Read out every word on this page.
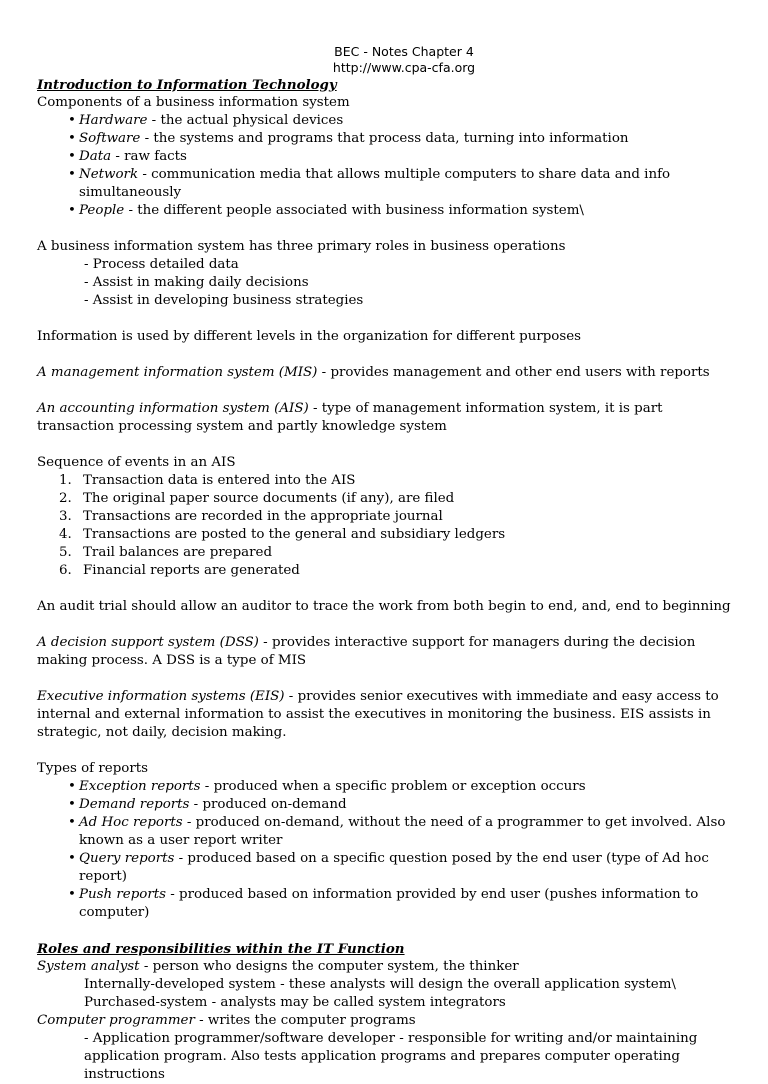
BEC - Notes Chapter 4
http://www.cpa-cfa.org

Introduction to Information Technology

Components of a business information system

• Hardware - the actual physical devices
• Software - the systems and programs that process data, turning into information
• Data - raw facts
• Network - communication media that allows multiple computers to share data and info simultaneously
• People - the different people associated with business information system\

A business information system has three primary roles in business operations

- Process detailed data

- Assist in making daily decisions

- Assist in developing business strategies

Information is used by different levels in the organization for different purposes

A management information system (MIS) - provides management and other end users with reports

An accounting information system (AIS) - type of management information system, it is part transaction processing system and partly knowledge system

Sequence of events in an AIS

1. Transaction data is entered into the AIS
2. The original paper source documents (if any), are filed
3. Transactions are recorded in the appropriate journal
4. Transactions are posted to the general and subsidiary ledgers
5. Trail balances are prepared
6. Financial reports are generated

An audit trial should allow an auditor to trace the work from both begin to end, and, end to beginning

A decision support system (DSS) - provides interactive support for managers during the decision making process. A DSS is a type of MIS

Executive information systems (EIS) - provides senior executives with immediate and easy access to internal and external information to assist the executives in monitoring the business. EIS assists in strategic, not daily, decision making.

Types of reports

• Exception reports - produced when a specific problem or exception occurs
• Demand reports - produced on-demand
• Ad Hoc reports - produced on-demand, without the need of a programmer to get involved. Also known as a user report writer
• Query reports - produced based on a specific question posed by the end user (type of Ad hoc report)
• Push reports - produced based on information provided by end user (pushes information to computer)

Roles and responsibilities within the IT Function

System analyst - person who designs the computer system, the thinker

Internally-developed system - these analysts will design the overall application system\

Purchased-system - analysts may be called system integrators

Computer programmer - writes the computer programs

- Application programmer/software developer - responsible for writing and/or maintaining application program. Also tests application programs and prepares computer operating instructions
